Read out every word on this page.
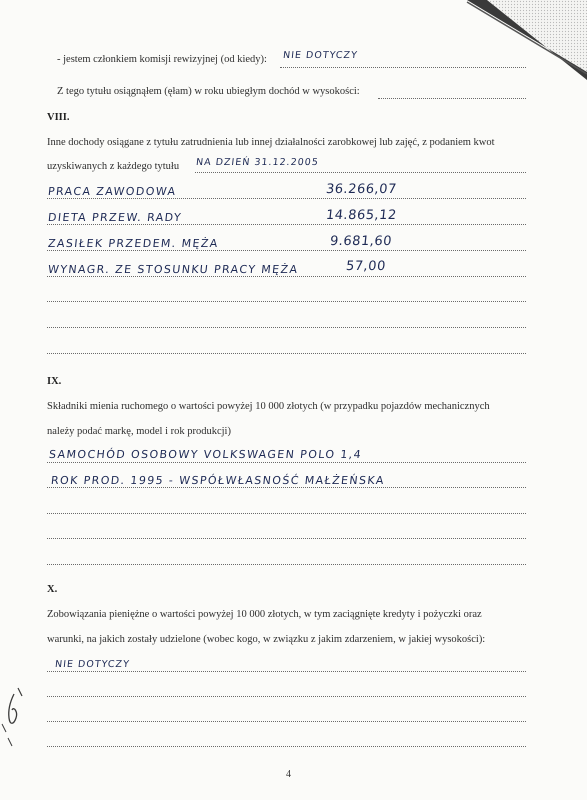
- jestem członkiem komisji rewizyjnej (od kiedy): NIE DOTYCZY
Z tego tytułu osiągnąłem (ęłam) w roku ubiegłym dochód w wysokości:
VIII.
Inne dochody osiągane z tytułu zatrudnienia lub innej działalności zarobkowej lub zajęć, z podaniem kwot
uzyskiwanych z każdego tytułu NA DZIEŃ 31.12.2005
PRACA ZAWODOWA	36.266,07
DIETA PRZEW. RADY	14.865,12
ZASIŁEK PRZEDEM. MĘŻA	9.681,60
WYNAGR. ZE STOSUNKU PRACY MĘŻA	57,00
IX.
Składniki mienia ruchomego o wartości powyżej 10 000 złotych (w przypadku pojazdów mechanicznych
należy podać markę, model i rok produkcji)
SAMOCHÓD OSOBOWY VOLKSWAGEN POLO 1,4
ROK PROD. 1995 - WSPÓŁWŁASNOŚĆ MAŁŻEŃSKA
X.
Zobowiązania pieniężne o wartości powyżej 10 000 złotych, w tym zaciągnięte kredyty i pożyczki oraz
warunki, na jakich zostały udzielone (wobec kogo, w związku z jakim zdarzeniem, w jakiej wysokości):
NIE DOTYCZY
4
